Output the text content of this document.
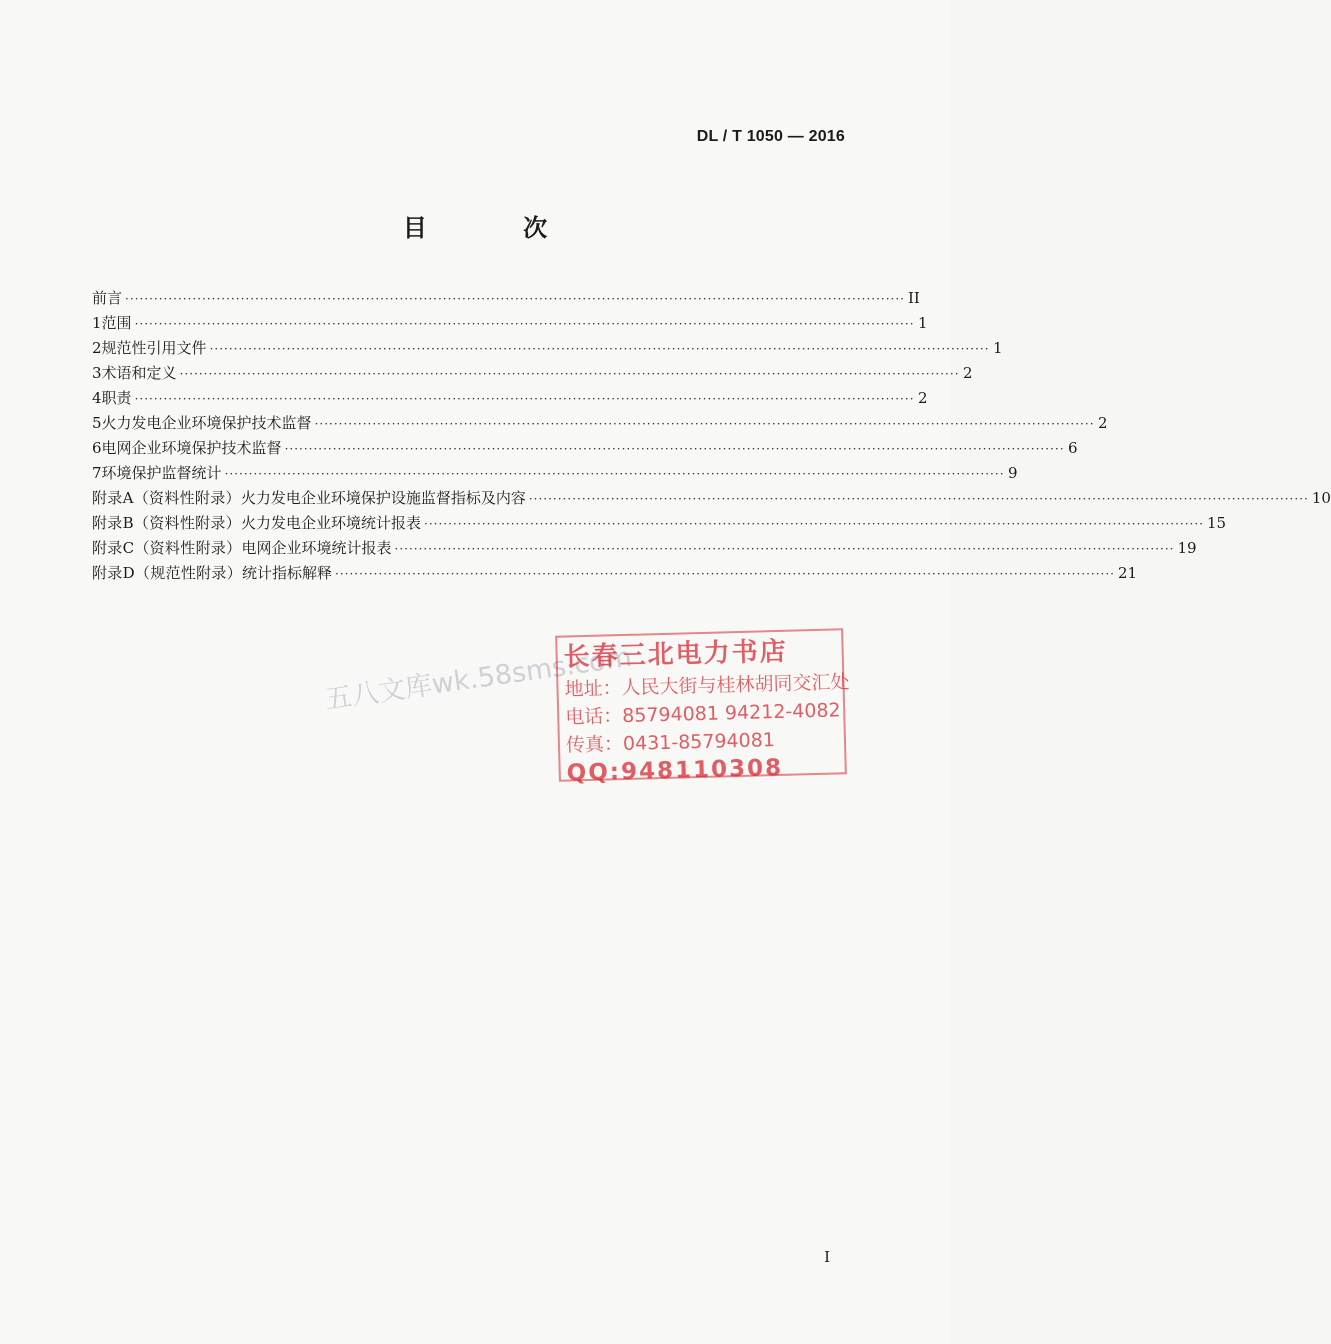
DL / T 1050 — 2016
目 次
前言 ·································································································································································· II
1 范围 ·································································································································································· 1
2 规范性引用文件 ·································································································································································· 1
3 术语和定义 ·································································································································································· 2
4 职责 ·································································································································································· 2
5 火力发电企业环境保护技术监督 ·································································································································································· 2
6 电网企业环境保护技术监督 ·································································································································································· 6
7 环境保护监督统计 ·································································································································································· 9
附录A（资料性附录） 火力发电企业环境保护设施监督指标及内容 ·································································································································································· 10
附录B（资料性附录） 火力发电企业环境统计报表 ·································································································································································· 15
附录C（资料性附录） 电网企业环境统计报表 ·································································································································································· 19
附录D（规范性附录） 统计指标解释 ·································································································································································· 21
五八文库wk.58sms.com
长春三北电力书店
地址：人民大街与桂林胡同交汇处
电话：85794081 94212-4082
传真：0431-85794081
QQ:948110308
I
